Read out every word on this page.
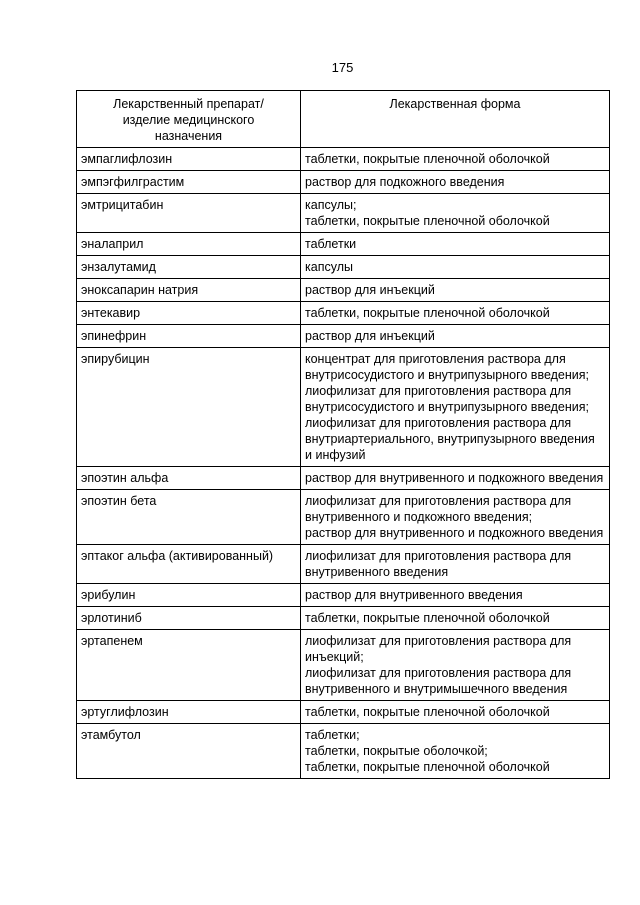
175
Лекарственный препарат/ изделие медицинского назначения	Лекарственная форма
эмпаглифлозин	таблетки, покрытые пленочной оболочкой

эмпэгфилграстим	раствор для подкожного введения

эмтрицитабин	капсулы;
таблетки, покрытые пленочной оболочкой

эналаприл	таблетки

энзалутамид	капсулы

эноксапарин натрия	раствор для инъекций

энтекавир	таблетки, покрытые пленочной оболочкой

эпинефрин	раствор для инъекций

эпирубицин	концентрат для приготовления раствора для внутрисосудистого и внутрипузырного введения;
лиофилизат для приготовления раствора для внутрисосудистого и внутрипузырного введения;
лиофилизат для приготовления раствора для внутриартериального, внутрипузырного введения и инфузий

эпоэтин альфа	раствор для внутривенного и подкожного введения

эпоэтин бета	лиофилизат для приготовления раствора для внутривенного и подкожного введения;
раствор для внутривенного и подкожного введения

эптаког альфа (активированный)	лиофилизат для приготовления раствора для внутривенного введения

эрибулин	раствор для внутривенного введения

эрлотиниб	таблетки, покрытые пленочной оболочкой

эртапенем	лиофилизат для приготовления раствора для инъекций;
лиофилизат для приготовления раствора для внутривенного и внутримышечного введения

эртуглифлозин	таблетки, покрытые пленочной оболочкой

этамбутол	таблетки;
таблетки, покрытые оболочкой;
таблетки, покрытые пленочной оболочкой
